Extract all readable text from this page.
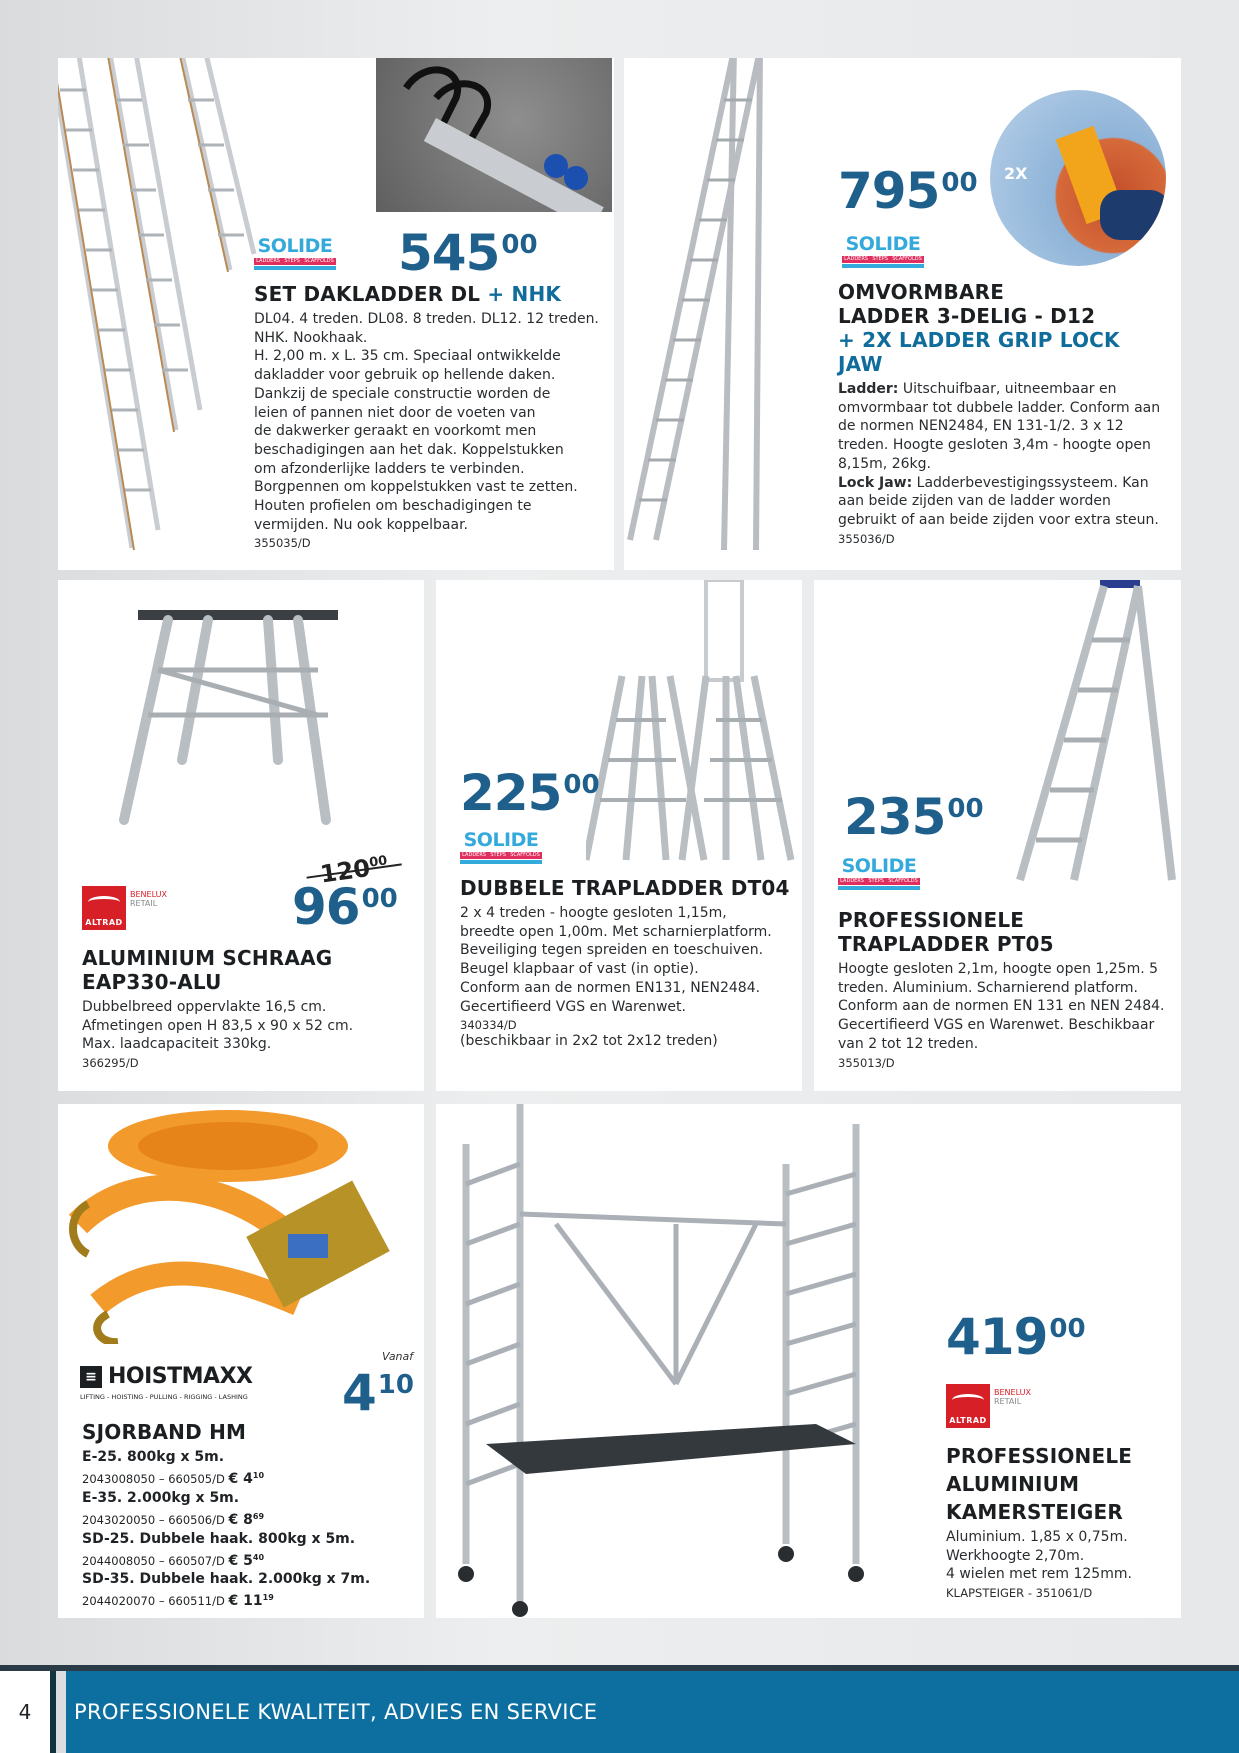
SOLIDE
LADDERS STEPS SCAFFOLDS 54500
SET DAKLADDER DL + NHK
DL04. 4 treden. DL08. 8 treden. DL12. 12 treden.
NHK. Nookhaak.
H. 2,00 m. x L. 35 cm. Speciaal ontwikkelde
dakladder voor gebruik op hellende daken.
Dankzij de speciale constructie worden de
leien of pannen niet door de voeten van
de dakwerker geraakt en voorkomt men
beschadigingen aan het dak. Koppelstukken
om afzonderlijke ladders te verbinden.
Borgpennen om koppelstukken vast te zetten.
Houten profielen om beschadigingen te
vermijden. Nu ook koppelbaar.
355035/D
2X
79500
SOLIDE
LADDERS STEPS SCAFFOLDS
OMVORMBARE
LADDER 3-DELIG - D12
+ 2X LADDER GRIP LOCK JAW
Ladder: Uitschuifbaar, uitneembaar en omvormbaar tot dubbele ladder. Conform aan de normen NEN2484, EN 131-1/2. 3 x 12 treden. Hoogte gesloten 3,4m - hoogte open 8,15m, 26kg.
Lock Jaw: Ladderbevestigingssysteem. Kan aan beide zijden van de ladder worden gebruikt of aan beide zijden voor extra steun.
355036/D
$120^{00}$
9600
ALTRAD
BENELUX
RETAIL
ALUMINIUM SCHRAAG
EAP330-ALU
Dubbelbreed oppervlakte 16,5 cm.
Afmetingen open H 83,5 x 90 x 52 cm.
Max. laadcapaciteit 330kg.
366295/D
22500
SOLIDE
LADDERS STEPS SCAFFOLDS
DUBBELE TRAPLADDER DT04
2 x 4 treden - hoogte gesloten 1,15m,
breedte open 1,00m. Met scharnierplatform.
Beveiliging tegen spreiden en toeschuiven.
Beugel klapbaar of vast (in optie).
Conform aan de normen EN131, NEN2484.
Gecertifieerd VGS en Warenwet.
340334/D
(beschikbaar in 2x2 tot 2x12 treden)
23500
SOLIDE
LADDERS STEPS SCAFFOLDS
PROFESSIONELE
TRAPLADDER PT05
Hoogte gesloten 2,1m, hoogte open 1,25m. 5 treden. Aluminium. Scharnierend platform. Conform aan de normen EN 131 en NEN 2484. Gecertifieerd VGS en Warenwet. Beschikbaar van 2 tot 12 treden.
355013/D
≡ HOISTMAXX
LIFTING - HOISTING - PULLING - RIGGING - LASHING
Vanaf
410
SJORBAND HM
E-25. 800kg x 5m.
2043008050 – 660505/D € $4^{10}$
E-35. 2.000kg x 5m.
2043020050 – 660506/D € $8^{69}$
SD-25. Dubbele haak. 800kg x 5m.
2044008050 – 660507/D € $5^{40}$
SD-35. Dubbele haak. 2.000kg x 7m.
2044020070 – 660511/D € $11^{19}$
41900
ALTRAD
BENELUX
RETAIL
PROFESSIONELE
ALUMINIUM
KAMERSTEIGER
Aluminium. 1,85 x 0,75m.
Werkhoogte 2,70m.
4 wielen met rem 125mm.
KLAPSTEIGER - 351061/D
4	PROFESSIONELE KWALITEIT, ADVIES EN SERVICE
